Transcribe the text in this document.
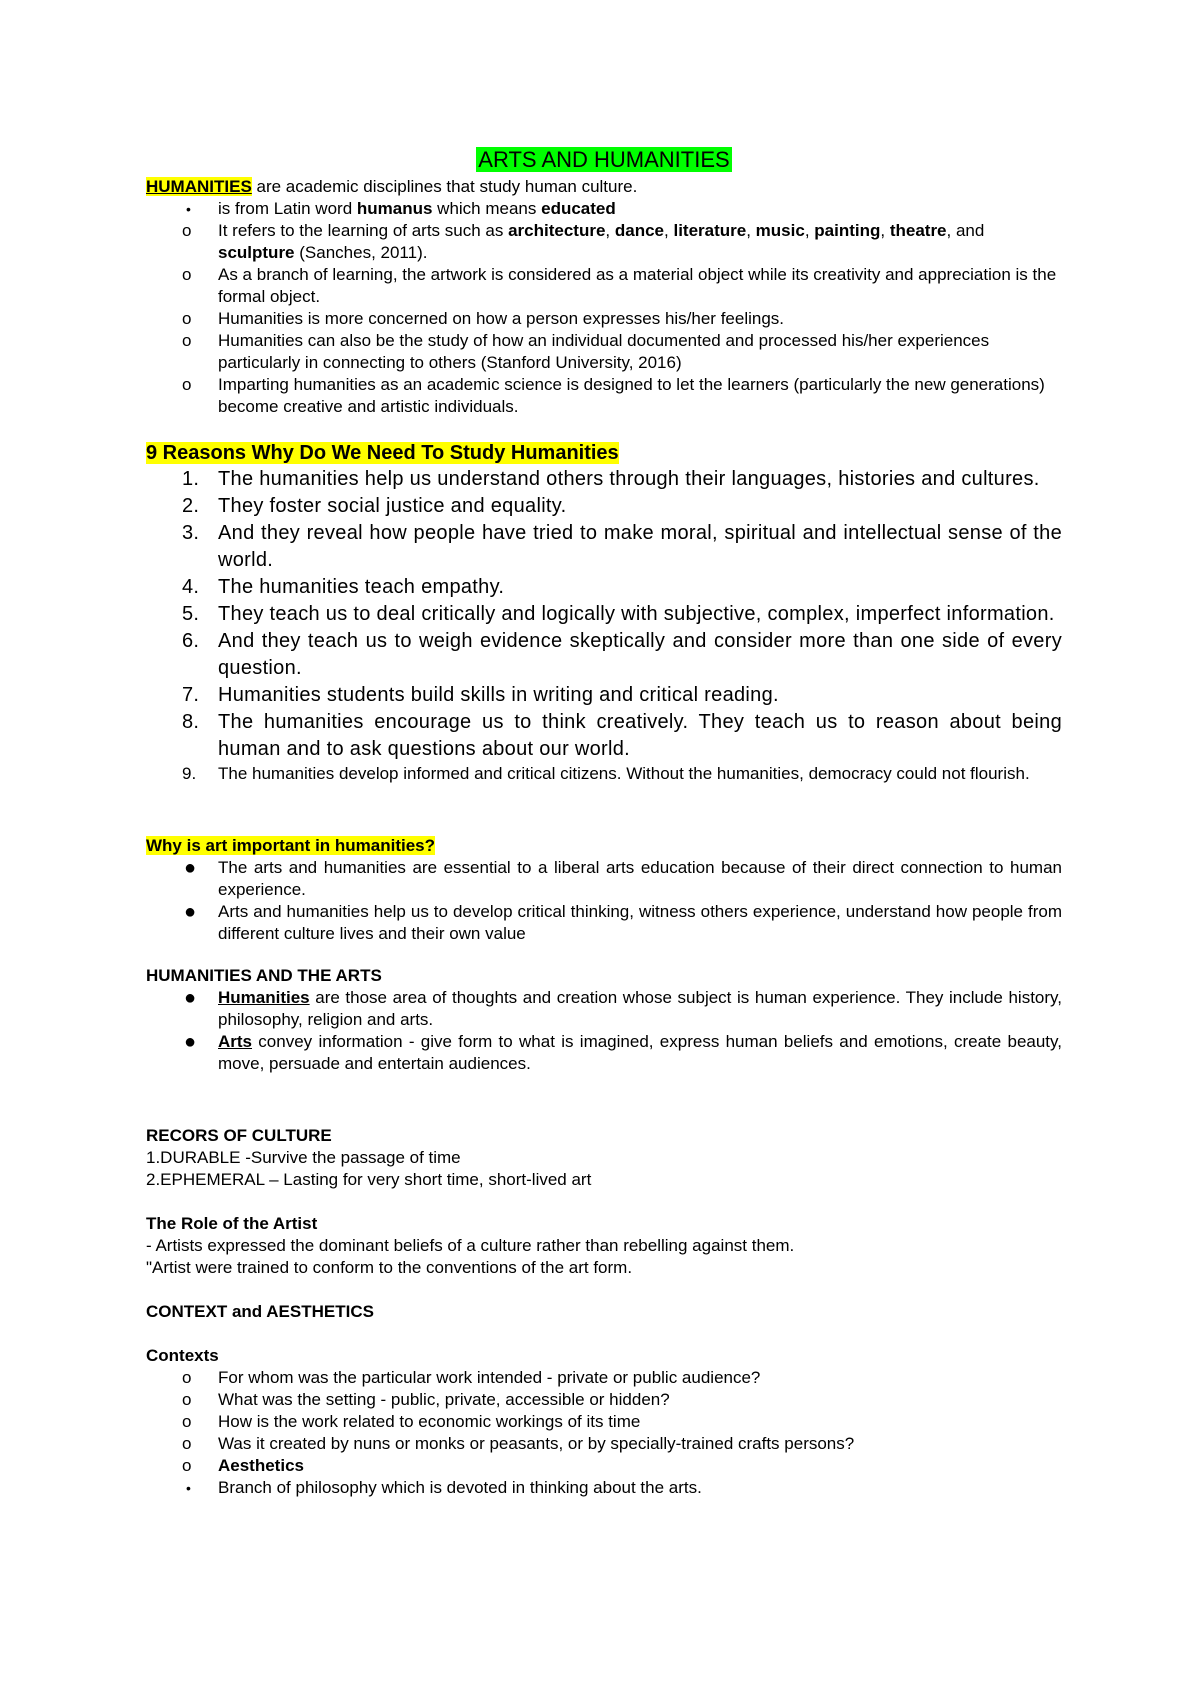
ARTS AND HUMANITIES

HUMANITIES are academic disciplines that study human culture.

• is from Latin word humanus which means educated
o It refers to the learning of arts such as architecture, dance, literature, music, painting, theatre, and sculpture (Sanches, 2011).
o As a branch of learning, the artwork is considered as a material object while its creativity and appreciation is the formal object.
o Humanities is more concerned on how a person expresses his/her feelings.
o Humanities can also be the study of how an individual documented and processed his/her experiences particularly in connecting to others (Stanford University, 2016)
o Imparting humanities as an academic science is designed to let the learners (particularly the new generations) become creative and artistic individuals.

9 Reasons Why Do We Need To Study Humanities

1. The humanities help us understand others through their languages, histories and cultures.
2. They foster social justice and equality.
3. And they reveal how people have tried to make moral, spiritual and intellectual sense of the world.
4. The humanities teach empathy.
5. They teach us to deal critically and logically with subjective, complex, imperfect information.
6. And they teach us to weigh evidence skeptically and consider more than one side of every question.
7. Humanities students build skills in writing and critical reading.
8. The humanities encourage us to think creatively. They teach us to reason about being human and to ask questions about our world.
9. The humanities develop informed and critical citizens. Without the humanities, democracy could not flourish.

Why is art important in humanities?

● The arts and humanities are essential to a liberal arts education because of their direct connection to human experience.
● Arts and humanities help us to develop critical thinking, witness others experience, understand how people from different culture lives and their own value

HUMANITIES AND THE ARTS

● Humanities are those area of thoughts and creation whose subject is human experience. They include history, philosophy, religion and arts.
● Arts convey information - give form to what is imagined, express human beliefs and emotions, create beauty, move, persuade and entertain audiences.

RECORS OF CULTURE

1.DURABLE -Survive the passage of time

2.EPHEMERAL – Lasting for very short time, short-lived art

The Role of the Artist

- Artists expressed the dominant beliefs of a culture rather than rebelling against them.

"Artist were trained to conform to the conventions of the art form.

CONTEXT and AESTHETICS

Contexts

o For whom was the particular work intended - private or public audience?
o What was the setting - public, private, accessible or hidden?
o How is the work related to economic workings of its time
o Was it created by nuns or monks or peasants, or by specially-trained crafts persons?
o Aesthetics
• Branch of philosophy which is devoted in thinking about the arts.
